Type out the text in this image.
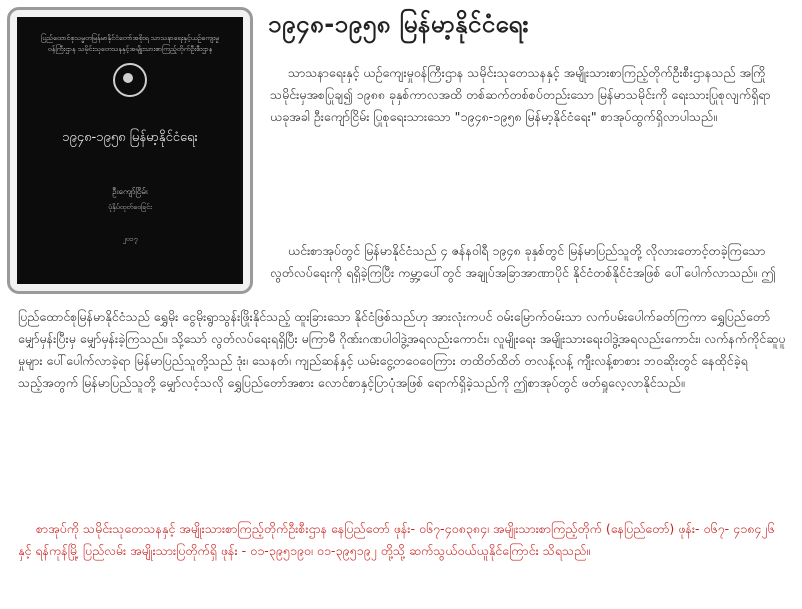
ပြည်ထောင်စုသမ္မတမြန်မာနိုင်ငံတော်အစိုးရ သာသနာရေးနှင့်ယဉ်ကျေးမှုဝန်ကြီးဌာန သမိုင်းသုတေသနနှင့်အမျိုးသားစာကြည့်တိုက်ဦးစီးဌာန
၁၉၄၈-၁၉၅၈ မြန်မာ့နိုင်ငံရေး
ဦးကျော်ငြိမ်း
ပုံနှိပ်ထုတ်ဝေခြင်း
၂၀၁၇
၁၉၄၈-၁၉၅၈ မြန်မာ့နိုင်ငံရေး

သာသနာရေးနှင့် ယဉ်ကျေးမှုဝန်ကြီးဌာန သမိုင်းသုတေသနနှင့် အမျိုးသားစာကြည့်တိုက်ဦးစီးဌာနသည် အကြိုသမိုင်းမှအစပြုချ၍ ၁၉၈၈ ခုနှစ်ကာလအထိ တစ်ဆက်တစ်စပ်တည်းသော မြန်မာသမိုင်းကို ရေးသားပြုစုလျက်ရှိရာ ယခုအခါ ဦးကျော်ငြိမ်း ပြုစုရေးသားသော "၁၉၄၈-၁၉၅၈ မြန်မာ့နိုင်ငံရေး" စာအုပ်ထွက်ရှိလာပါသည်။

ယင်းစာအုပ်တွင် မြန်မာနိုင်ငံသည် ၄ ဇန်နဝါရီ ၁၉၄၈ ခုနှစ်တွင် မြန်မာပြည်သူတို့ လိုလားတောင့်တခဲ့ကြသော လွတ်လပ်ရေးကို ရရှိခဲ့ကြပြီး ကမ္ဘာ့ပေါ်တွင် အချုပ်အခြာအာဏာပိုင် နိုင်ငံတစ်နိုင်ငံအဖြစ် ပေါ်ပေါက်လာသည်။ ဤ

ပြည်ထောင်စုမြန်မာနိုင်ငံသည် ရွှေမိုး ငွေမိုးရွာသွန်းဖြိုးနိုင်သည့် ထူးခြားသော နိုင်ငံဖြစ်သည်ဟု အားလုံးကပင် ဝမ်းမြောက်ဝမ်းသာ လက်ပမ်းပေါက်ခတ်ကြကာ ရွှေပြည်တော် မျှော်မှန်းပြီးမှ မျှော်မှန်းခဲ့ကြသည်။ သို့သော် လွတ်လပ်ရေးရရှိပြီး မကြာမီ ဂိုဏ်းဂဏပါဝါဒွဲ့အရလည်းကောင်း၊ လူမျိုးရေး အမျိုးသားရေးဝါဒွဲ့အရလည်းကောင်း၊ လက်နက်ကိုင်ဆူပူမှုများ ပေါ်ပေါက်လာခဲ့ရာ မြန်မာပြည်သူတို့သည် ဒုံး၊ သေနတ်၊ ကျည်ဆန်နှင့် ယမ်းငွေ့တဝေဝေကြား တထိတ်ထိတ် တလန့်လန့် ကျီးလန့်စာစား ဘဝဆိုးတွင် နေထိုင်ခဲ့ရသည့်အတွက် မြန်မာပြည်သူတို့ မျှော်လင့်သလို ရွှေပြည်တော်အစား လောင်စာနှင့်ပြာပုံအဖြစ် ရောက်ရှိခဲ့သည်ကို ဤစာအုပ်တွင် ဖတ်ရှုလေ့လာနိုင်သည်။

စာအုပ်ကို သမိုင်းသုတေသနနှင့် အမျိုးသားစာကြည့်တိုက်ဦးစီးဌာန နေပြည်တော် ဖုန်း- ၀၆၇-၄၀၈၃၈၄၊ အမျိုးသားစာကြည့်တိုက် (နေပြည်တော်) ဖုန်း- ၀၆၇- ၄၁၈၄၂၆ နှင့် ရန်ကုန်မြို့ ပြည်လမ်း အမျိုးသားပြတိုက်ရှိ ဖုန်း - ၀၁-၃၉၅၁၉၀၊ ၀၁-၃၉၅၁၉၂ တို့သို့ ဆက်သွယ်ဝယ်ယူနိုင်ကြောင်း သိရသည်။
